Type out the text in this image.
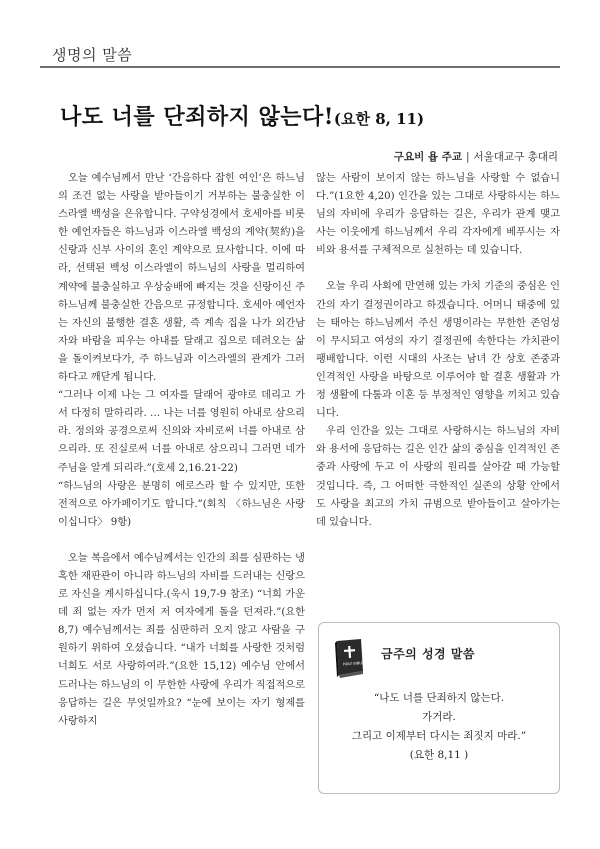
생명의 말씀
나도 너를 단죄하지 않는다!(요한 8, 11)
구요비 욥 주교 | 서울대교구 총대리

오늘 예수님께서 만난 ‘간음하다 잡힌 여인’은 하느님의 조건 없는 사랑을 받아들이기 거부하는 불충실한 이스라엘 백성을 은유합니다. 구약성경에서 호세아를 비롯한 예언자들은 하느님과 이스라엘 백성의 계약(契約)을 신랑과 신부 사이의 혼인 계약으로 묘사합니다. 이에 따라, 선택된 백성 이스라엘이 하느님의 사랑을 멀리하여 계약에 불충실하고 우상숭배에 빠지는 것을 신랑이신 주 하느님께 불충실한 간음으로 규정합니다. 호세아 예언자는 자신의 불행한 결혼 생활, 즉 계속 집을 나가 외간남자와 바람을 피우는 아내를 달래고 집으로 데려오는 삶을 돌이켜보다가, 주 하느님과 이스라엘의 관계가 그러하다고 깨닫게 됩니다.

“그러나 이제 나는 그 여자를 달래어 광야로 데리고 가서 다정히 말하리라. … 나는 너를 영원히 아내로 삼으리라. 정의와 공경으로써 신의와 자비로써 너를 아내로 삼으리라. 또 진실로써 너를 아내로 삼으리니 그러면 네가 주님을 알게 되리라.”(호세 2,16.21-22)

“하느님의 사랑은 분명히 에로스라 할 수 있지만, 또한 전적으로 아가페이기도 합니다.”(회칙 〈하느님은 사랑이십니다〉 9항)

오늘 복음에서 예수님께서는 인간의 죄를 심판하는 냉혹한 재판관이 아니라 하느님의 자비를 드러내는 신랑으로 자신을 계시하십니다.(욱시 19,7-9 참조) “너희 가운데 죄 없는 자가 먼저 저 여자에게 돌을 던져라.”(요한 8,7) 예수님께서는 죄를 심판하러 오지 않고 사람을 구원하기 위하여 오셨습니다. “내가 너희를 사랑한 것처럼 너희도 서로 사랑하여라.”(요한 15,12) 예수님 안에서 드러나는 하느님의 이 무한한 사랑에 우리가 직접적으로 응답하는 길은 무엇일까요? “눈에 보이는 자기 형제를 사랑하지

않는 사람이 보이지 않는 하느님을 사랑할 수 없습니다.”(1요한 4,20) 인간을 있는 그대로 사랑하시는 하느님의 자비에 우리가 응답하는 길은, 우리가 관계 맺고 사는 이웃에게 하느님께서 우리 각자에게 베푸시는 자비와 용서를 구체적으로 실천하는 데 있습니다.

오늘 우리 사회에 만연해 있는 가치 기준의 중심은 인간의 자기 결정권이라고 하겠습니다. 어머니 태중에 있는 태아는 하느님께서 주신 생명이라는 무한한 존엄성이 무시되고 여성의 자기 결정권에 속한다는 가치관이 팽배합니다. 이런 시대의 사조는 남녀 간 상호 존중과 인격적인 사랑을 바탕으로 이루어야 할 결혼 생활과 가정 생활에 다툼과 이혼 등 부정적인 영향을 끼치고 있습니다.

우리 인간을 있는 그대로 사랑하시는 하느님의 자비와 용서에 응답하는 길은 인간 삶의 중심을 인격적인 존중과 사랑에 두고 이 사랑의 원리를 살아갈 때 가능할 것입니다. 즉, 그 어떠한 극한적인 실존의 상황 안에서도 사랑을 최고의 가치 규범으로 받아들이고 살아가는 데 있습니다.

HOLY BIBLE
금주의 성경 말씀
“나도 너를 단죄하지 않는다.
가거라.
그리고 이제부터 다시는 죄짓지 마라.”
(요한 8,11 )
